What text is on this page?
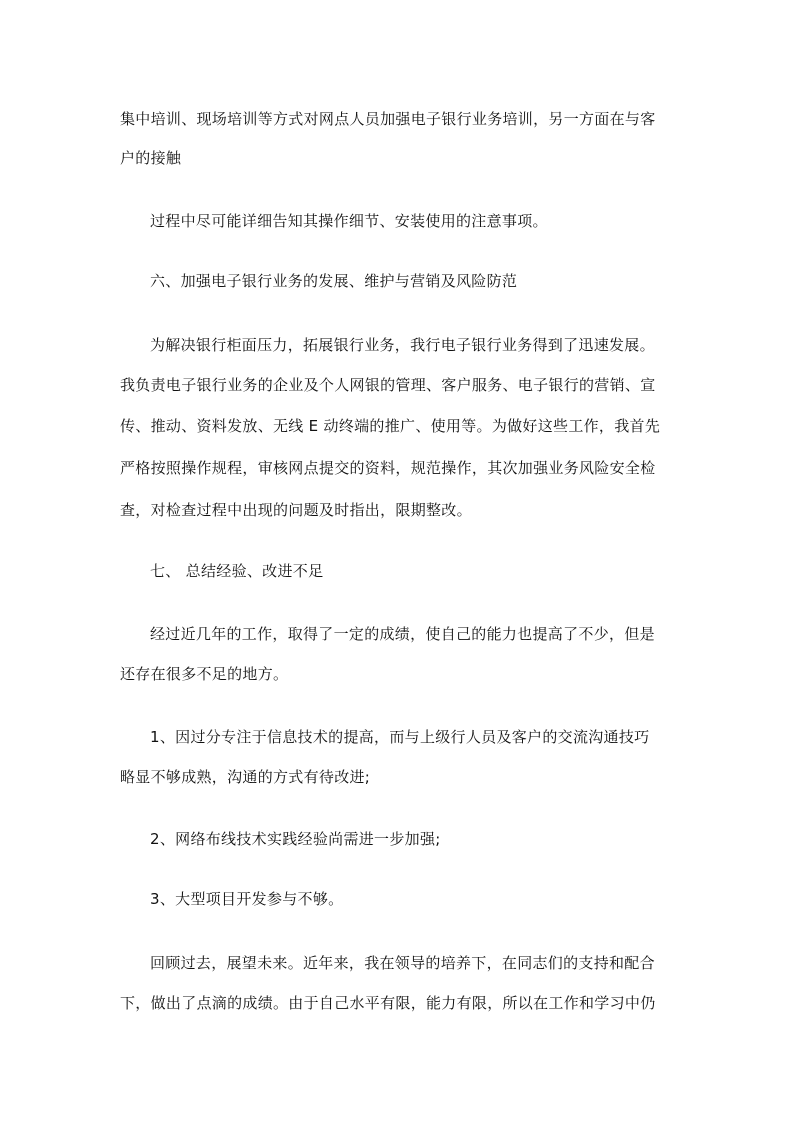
集中培训、现场培训等方式对网点人员加强电子银行业务培训，另一方面在与客
户的接触
过程中尽可能详细告知其操作细节、安装使用的注意事项。
六、加强电子银行业务的发展、维护与营销及风险防范
为解决银行柜面压力，拓展银行业务，我行电子银行业务得到了迅速发展。
我负责电子银行业务的企业及个人网银的管理、客户服务、电子银行的营销、宣
传、推动、资料发放、无线 E 动终端的推广、使用等。为做好这些工作，我首先
严格按照操作规程，审核网点提交的资料，规范操作，其次加强业务风险安全检
查，对检查过程中出现的问题及时指出，限期整改。
七、 总结经验、改进不足
经过近几年的工作，取得了一定的成绩，使自己的能力也提高了不少，但是
还存在很多不足的地方。
1、因过分专注于信息技术的提高，而与上级行人员及客户的交流沟通技巧
略显不够成熟，沟通的方式有待改进;
2、网络布线技术实践经验尚需进一步加强;
3、大型项目开发参与不够。
回顾过去，展望未来。近年来，我在领导的培养下，在同志们的支持和配合
下，做出了点滴的成绩。由于自己水平有限，能力有限，所以在工作和学习中仍
